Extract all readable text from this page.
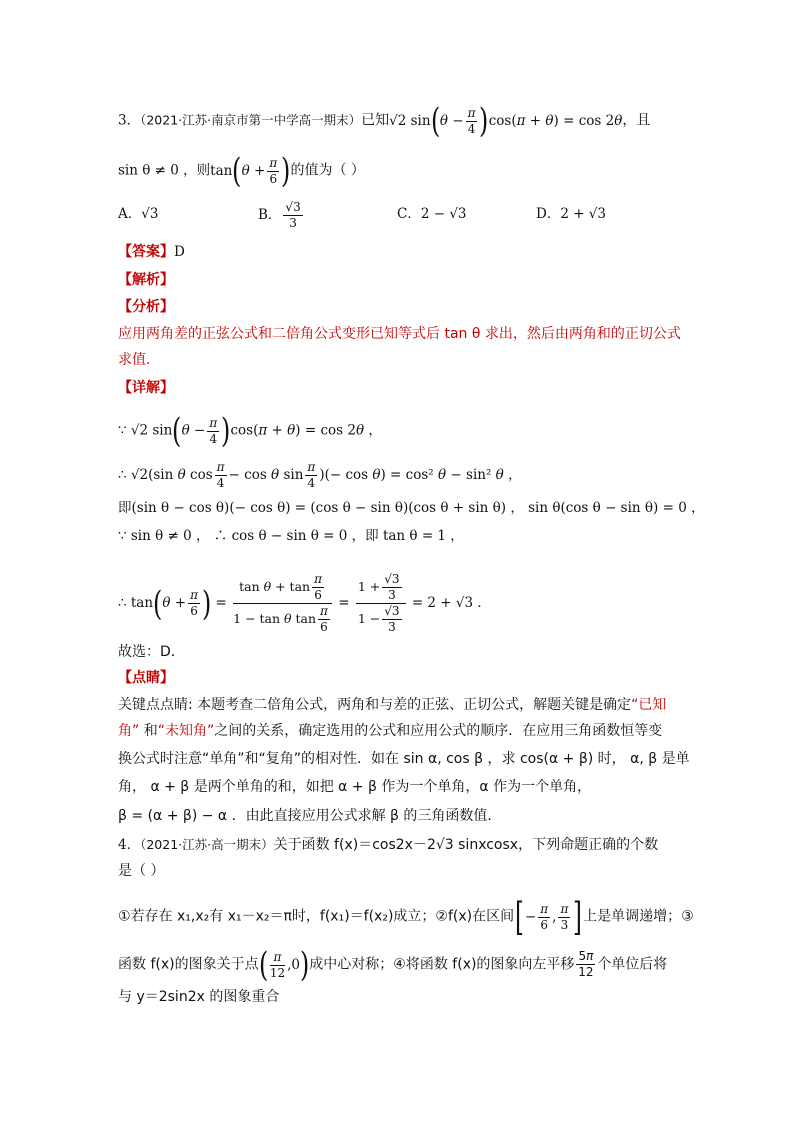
3．（2021·江苏·南京市第一中学高一期末）已知√2 $\sin(\theta - \frac{\pi}{4} )\cos(\pi + \theta) = \cos 2\theta$，且
sin θ ≠ 0 ，则$\tan(\theta + \frac{\pi}{6}$ )的值为（ ）
A．√3	B． $\frac{√3}{3}$	C．2 − √3	D．2 + √3
【答案】D
【解析】
【分析】
应用两角差的正弦公式和二倍角公式变形已知等式后 tan θ 求出，然后由两角和的正切公式
求值．
【详解】
∵ √2 $\sin(\theta - \frac{\pi}{4} )\cos(\pi + \theta) = \cos 2\theta$ ，
∴ √2(sin θ $\cos \frac{\pi}{4} - \cos \theta$ $\sin \frac{\pi}{4}$ )(− cos θ) = cos² θ − sin² θ ，
即(sin θ − cos θ)(− cos θ) = (cos θ − sin θ)(cos θ + sin θ) ， sin θ(cos θ − sin θ) = 0 ，
∵ sin θ ≠ 0 ， ∴ cos θ − sin θ = 0 ，即 tan θ = 1 ，
∴ $\tan(\theta + \frac{\pi}{6}$ ) = $\frac{\tan \theta + \tan \frac{\pi}{6}}{1 - \tan \theta \tan \frac{\pi}{6}} = \frac{1 + \frac{√3}{3}}{1 - \frac{√3}{3}} = 2 + √3$ ．
故选：D．
【点睛】
关键点点睛: 本题考查二倍角公式，两角和与差的正弦、正切公式，解题关键是确定“已知
角” 和“未知角”之间的关系，确定选用的公式和应用公式的顺序．在应用三角函数恒等变
换公式时注意“单角”和“复角”的相对性．如在 sin α, cos β ，求 cos(α + β) 时， α, β 是单
角， α + β 是两个单角的和，如把 α + β 作为一个单角，α 作为一个单角，
β = (α + β) − α ．由此直接应用公式求解 β 的三角函数值．
4．（2021·江苏·高一期末）关于函数 f(x)＝cos2x－2√3 sinxcosx，下列命题正确的个数
是（ ）
①若存在 x₁,x₂有 x₁－x₂＝π时，f(x₁)＝f(x₂)成立；②f(x)在区间[− $\frac{\pi}{6}$ , $\frac{\pi}{3}$ ]上是单调递增；③
函数 f(x)的图象关于点( $\frac{\pi}{12} ,0$)成中心对称；④将函数 f(x)的图象向左平移 $\frac{5\pi}{12}$ 个单位后将
与 y＝2sin2x 的图象重合
